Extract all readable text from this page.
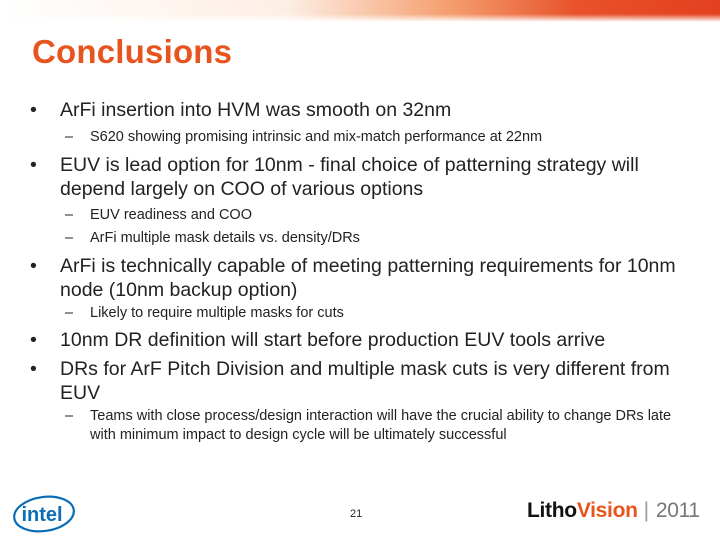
Conclusions
• ArFi insertion into HVM was smooth on 32nm
– S620 showing promising intrinsic and mix-match performance at 22nm
• EUV is lead option for 10nm - final choice of patterning strategy will depend largely on COO of various options
– EUV readiness and COO
– ArFi multiple mask details vs. density/DRs
• ArFi is technically capable of meeting patterning requirements for 10nm node (10nm backup option)
– Likely to require multiple masks for cuts
• 10nm DR definition will start before production EUV tools arrive
• DRs for ArF Pitch Division and multiple mask cuts is very different from EUV
– Teams with close process/design interaction will have the crucial ability to change DRs late with minimum impact to design cycle will be ultimately successful
intel	21	LithoVision | 2011
